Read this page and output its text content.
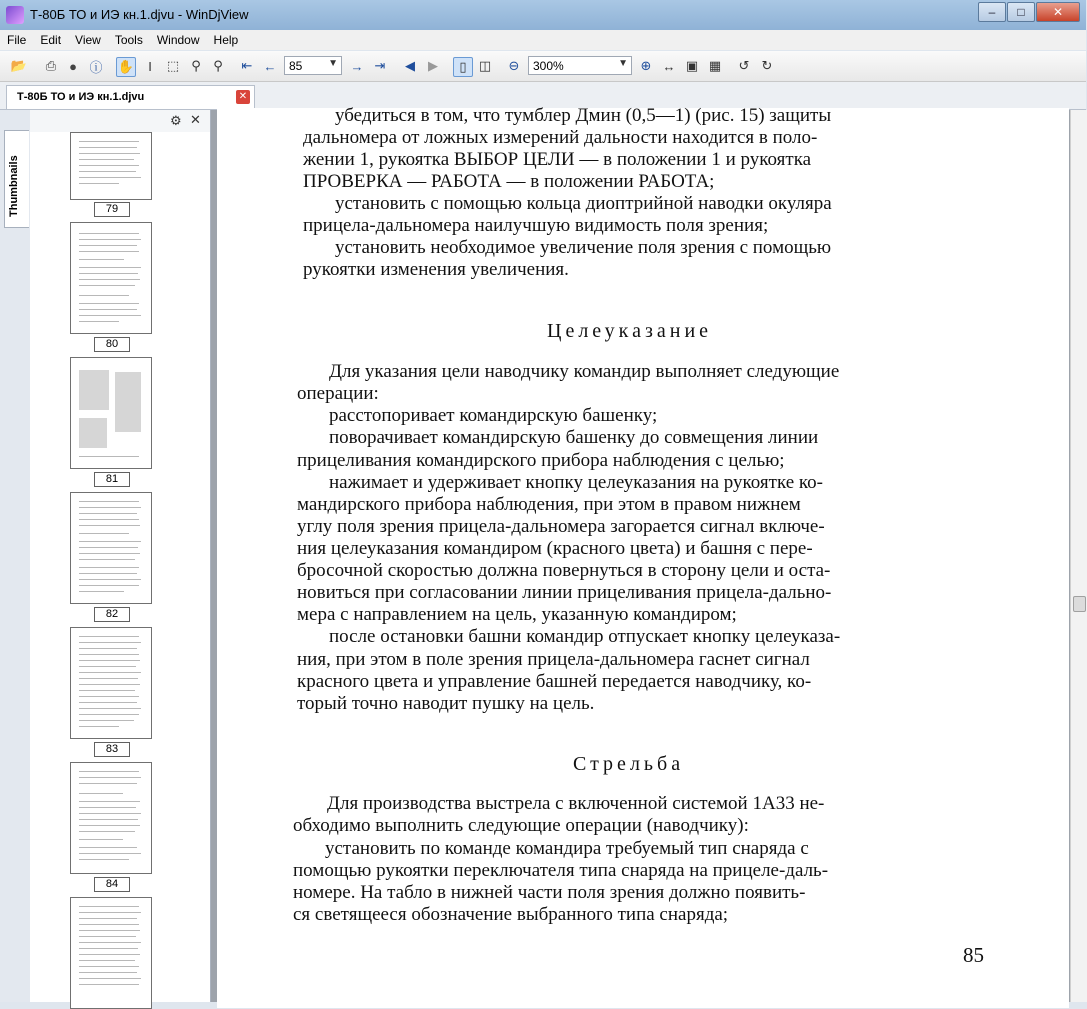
Т-80Б ТО и ИЭ кн.1.djvu - WinDjView	–	□	✕
File	Edit	View	Tools	Window	Help
📂 ⎙ ● ⓘ ✋	I	⬚ ⚲ ⚲	⇤ ← 85	▼ → ⇥	◀	▶	▯ ◫ ⊖ 300%	▼ ⊕ ↔ ▣ ▦ ↺ ↻
Т-80Б ТО и ИЭ кн.1.djvu	✕
Thumbnails
⚙ ✕
79
80
81
82
83
84
убедиться в том, что тумблер Дмин (0,5—1) (рис. 15) защиты
дальномера от ложных измерений дальности находится в поло-
жении 1, рукоятка ВЫБОР ЦЕЛИ — в положении 1 и рукоятка
ПРОВЕРКА — РАБОТА — в положении РАБОТА;
установить с помощью кольца диоптрийной наводки окуляра
прицела-дальномера наилучшую видимость поля зрения;
установить необходимое увеличение поля зрения с помощью
рукоятки изменения увеличения.
Целеуказание
Для указания цели наводчику командир выполняет следующие
операции:
расстопоривает командирскую башенку;
поворачивает командирскую башенку до совмещения линии
прицеливания командирского прибора наблюдения с целью;
нажимает и удерживает кнопку целеуказания на рукоятке ко-
мандирского прибора наблюдения, при этом в правом нижнем
углу поля зрения прицела-дальномера загорается сигнал включе-
ния целеуказания командиром (красного цвета) и башня с пере-
бросочной скоростью должна повернуться в сторону цели и оста-
новиться при согласовании линии прицеливания прицела-дально-
мера с направлением на цель, указанную командиром;
после остановки башни командир отпускает кнопку целеуказа-
ния, при этом в поле зрения прицела-дальномера гаснет сигнал
красного цвета и управление башней передается наводчику, ко-
торый точно наводит пушку на цель.
Стрельба
Для производства выстрела с включенной системой 1А33 не-
обходимо выполнить следующие операции (наводчику):
установить по команде командира требуемый тип снаряда с
помощью рукоятки переключателя типа снаряда на прицеле-даль-
номере. На табло в нижней части поля зрения должно появить-
ся светящееся обозначение выбранного типа снаряда;
85
